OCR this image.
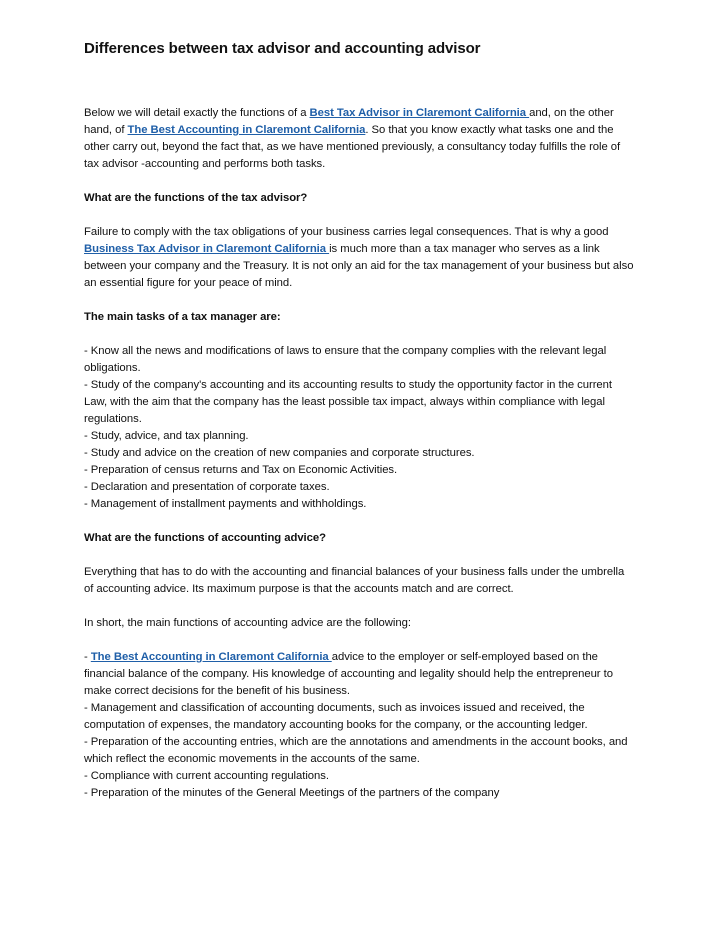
Differences between tax advisor and accounting advisor

Below we will detail exactly the functions of a Best Tax Advisor in Claremont California and, on the other hand, of The Best Accounting in Claremont California. So that you know exactly what tasks one and the other carry out, beyond the fact that, as we have mentioned previously, a consultancy today fulfills the role of tax advisor -accounting and performs both tasks.

What are the functions of the tax advisor?

Failure to comply with the tax obligations of your business carries legal consequences. That is why a good Business Tax Advisor in Claremont California is much more than a tax manager who serves as a link between your company and the Treasury. It is not only an aid for the tax management of your business but also an essential figure for your peace of mind.

The main tasks of a tax manager are:

- Know all the news and modifications of laws to ensure that the company complies with the relevant legal obligations.

- Study of the company's accounting and its accounting results to study the opportunity factor in the current Law, with the aim that the company has the least possible tax impact, always within compliance with legal regulations.

- Study, advice, and tax planning.

- Study and advice on the creation of new companies and corporate structures.

- Preparation of census returns and Tax on Economic Activities.

- Declaration and presentation of corporate taxes.

- Management of installment payments and withholdings.

What are the functions of accounting advice?

Everything that has to do with the accounting and financial balances of your business falls under the umbrella of accounting advice. Its maximum purpose is that the accounts match and are correct.

In short, the main functions of accounting advice are the following:

- The Best Accounting in Claremont California advice to the employer or self-employed based on the financial balance of the company. His knowledge of accounting and legality should help the entrepreneur to make correct decisions for the benefit of his business.

- Management and classification of accounting documents, such as invoices issued and received, the computation of expenses, the mandatory accounting books for the company, or the accounting ledger.

- Preparation of the accounting entries, which are the annotations and amendments in the account books, and which reflect the economic movements in the accounts of the same.

- Compliance with current accounting regulations.

- Preparation of the minutes of the General Meetings of the partners of the company
